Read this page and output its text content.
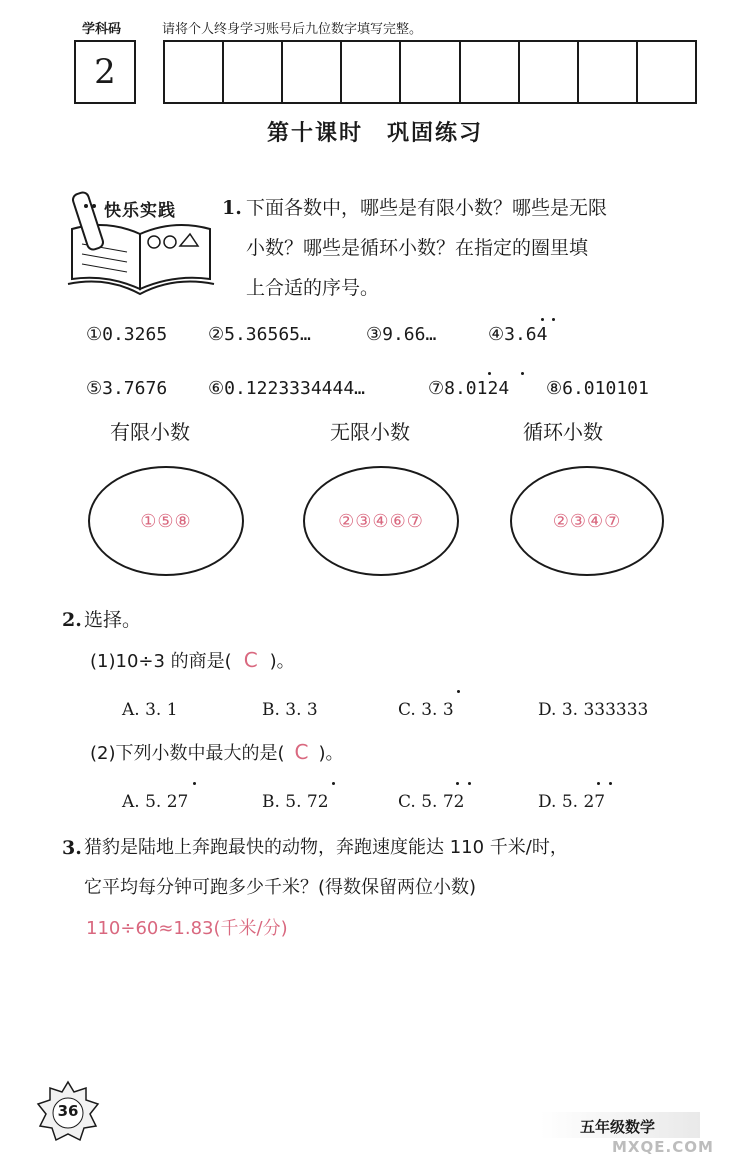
学科码	请将个人终身学习账号后九位数字填写完整。
2
第十课时　巩固练习
快乐实践 1. 下面各数中，哪些是有限小数？哪些是无限
小数？哪些是循环小数？在指定的圈里填
上合适的序号。
①0.3265 ②5.36565…	③9.66…	④3.64
⑤3.7676 ⑥0.1223334444…	⑦8.0124 ⑧6.010101
有限小数	无限小数	循环小数
①⑤⑧	②③④⑥⑦	②③④⑦
2. 选择。
(1)10÷3 的商是( C )。
A. 3. 1	B. 3. 3	C. 3. 3	D. 3. 333333
(2)下列小数中最大的是( C )。
A. 5. 27	B. 5. 72	C. 5. 72	D. 5. 27
3. 猎豹是陆地上奔跑最快的动物，奔跑速度能达 110 千米/时，
它平均每分钟可跑多少千米？(得数保留两位小数)
110÷60≈1.83(千米/分)
36
五年级数学
MXQE.COM
